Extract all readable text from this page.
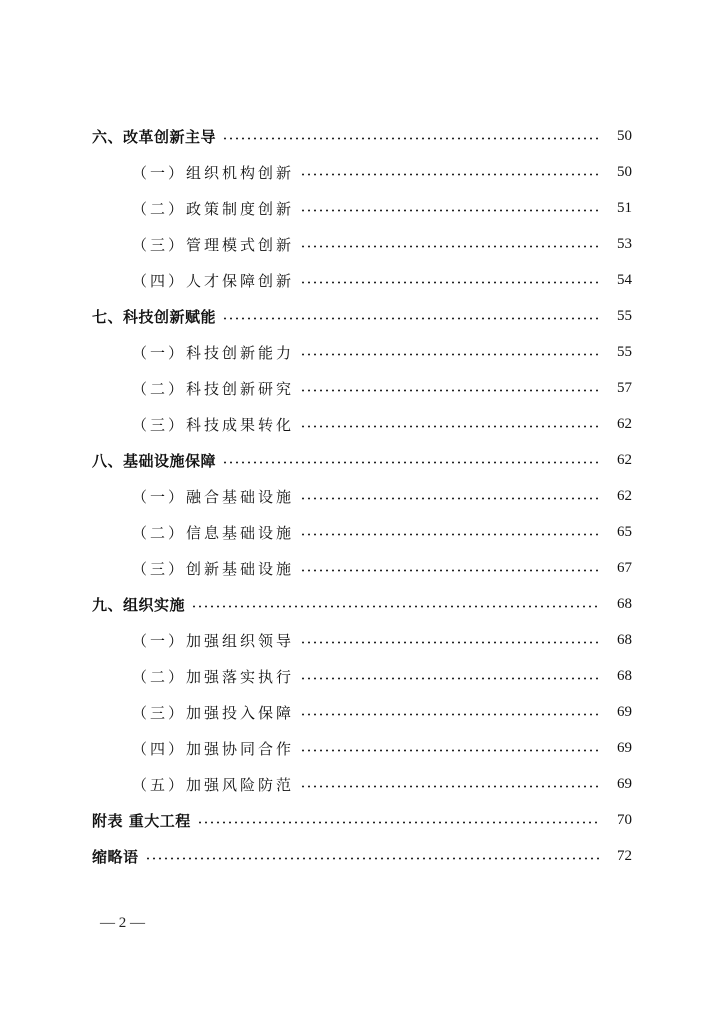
六、改革创新主导	50
（一）组织机构创新	50
（二）政策制度创新	51
（三）管理模式创新	53
（四）人才保障创新	54
七、科技创新赋能	55
（一）科技创新能力	55
（二）科技创新研究	57
（三）科技成果转化	62
八、基础设施保障	62
（一）融合基础设施	62
（二）信息基础设施	65
（三）创新基础设施	67
九、组织实施	68
（一）加强组织领导	68
（二）加强落实执行	68
（三）加强投入保障	69
（四）加强协同合作	69
（五）加强风险防范	69
附表 重大工程	70
缩略语	72
— 2 —
